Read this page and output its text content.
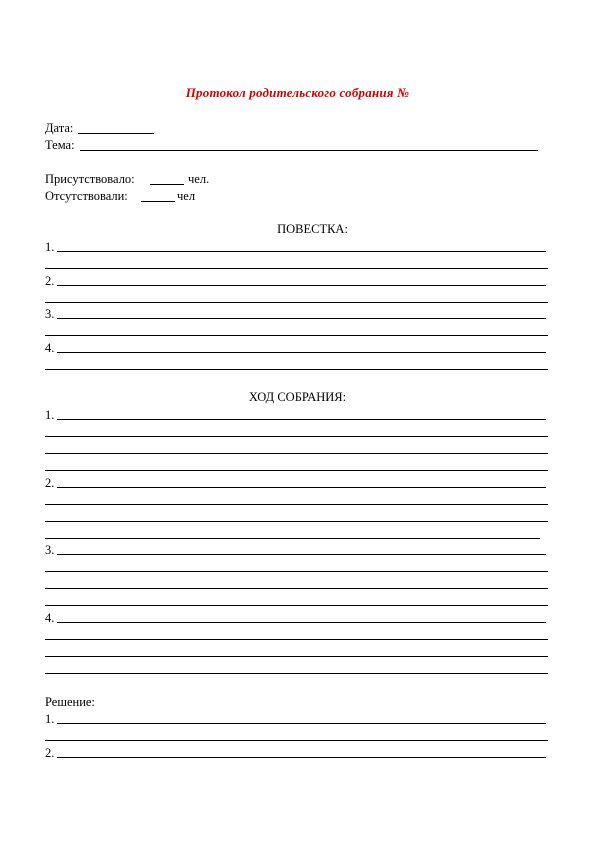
Протокол родительского собрания №
Дата:
Тема:
Присутствовало:	чел.
Отсутствовали:	чел
ПОВЕСТКА:
1.
2.
3.
4.
ХОД СОБРАНИЯ:
1.
2.
3.
4.
Решение:
1.
2.
